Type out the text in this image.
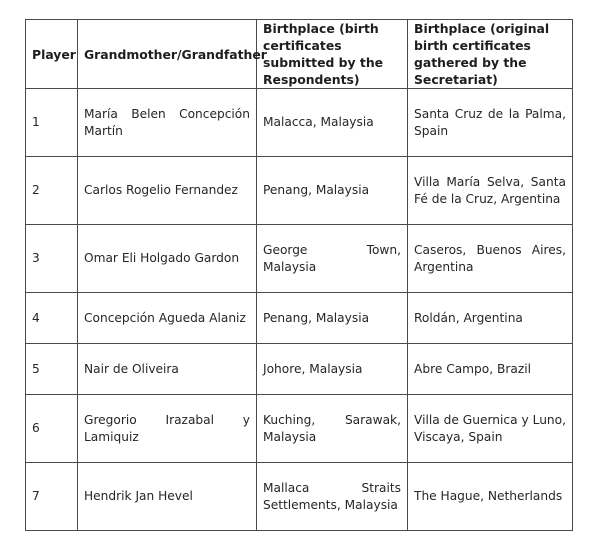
Player	Grandmother/Grandfather	Birthplace (birth certificates submitted by the Respondents)	Birthplace (original birth certificates gathered by the Secretariat)
1	María Belen Concepción Martín	Malacca, Malaysia	Santa Cruz de la Palma, Spain
2	Carlos Rogelio Fernandez	Penang, Malaysia	Villa María Selva, Santa Fé de la Cruz, Argentina
3	Omar Eli Holgado Gardon	George Town, Malaysia	Caseros, Buenos Aires, Argentina
4	Concepción Agueda Alaniz	Penang, Malaysia	Roldán, Argentina
5	Nair de Oliveira	Johore, Malaysia	Abre Campo, Brazil
6	Gregorio Irazabal y Lamiquiz	Kuching, Sarawak, Malaysia	Villa de Guernica y Luno, Viscaya, Spain
7	Hendrik Jan Hevel	Mallaca Straits Settlements, Malaysia	The Hague, Netherlands
